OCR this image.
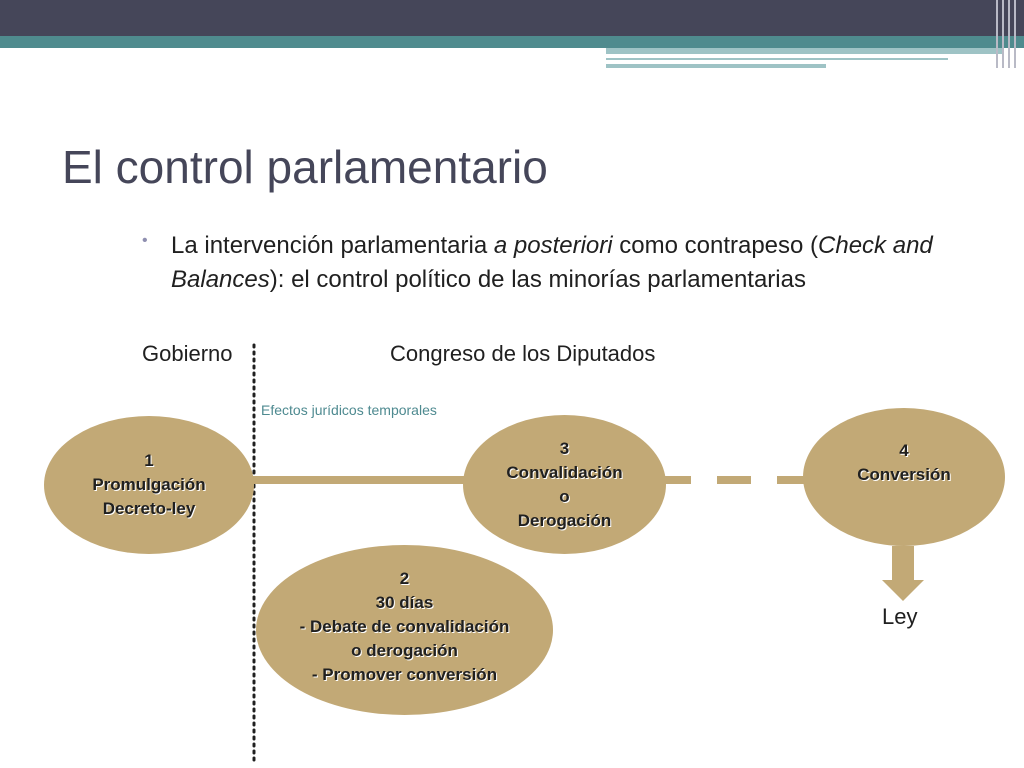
El control parlamentario
• La intervención parlamentaria a posteriori como contrapeso (Check and Balances): el control político de las minorías parlamentarias
Gobierno	Congreso de los Diputados
Efectos jurídicos temporales
1
Promulgación
Decreto-ley
3
Convalidación
o
Derogación
4
Conversión
2
30 días
- Debate de convalidación
o derogación
- Promover conversión
Ley
